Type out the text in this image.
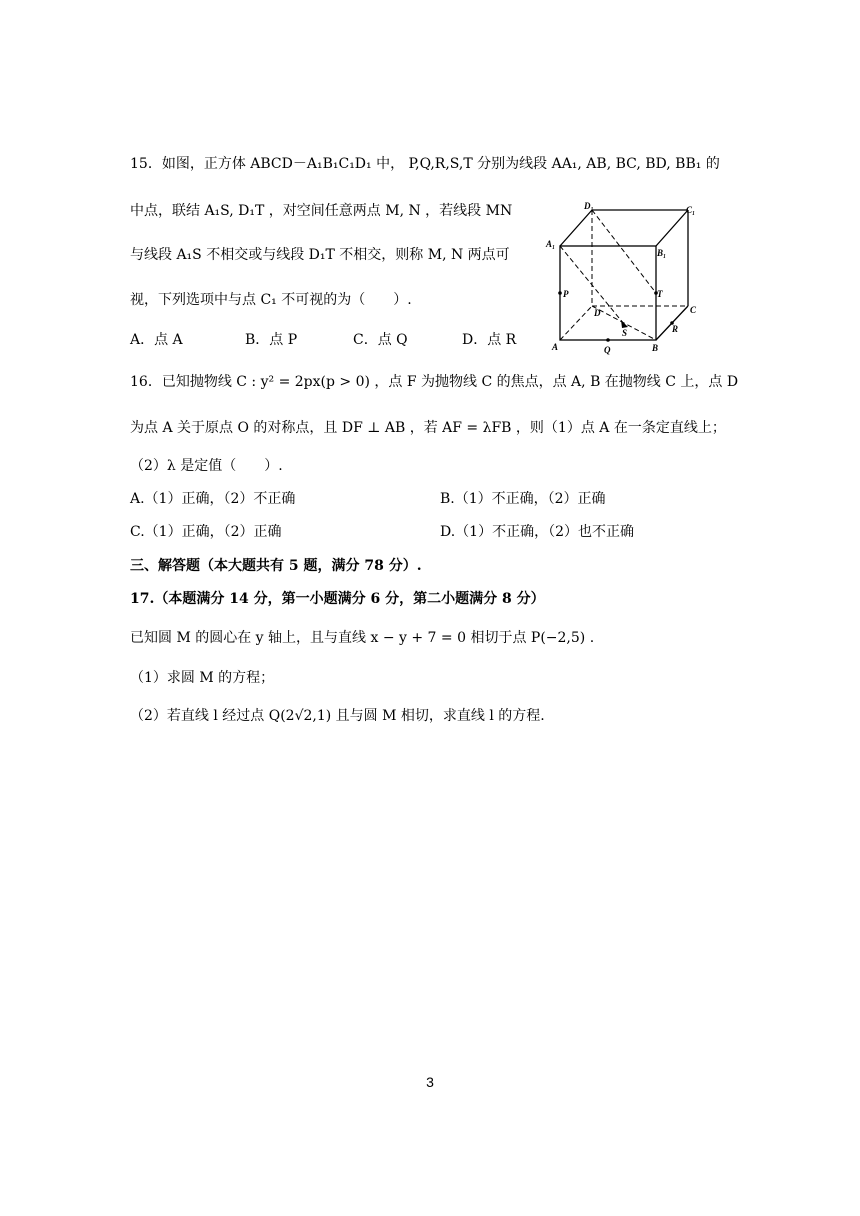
15．如图，正方体 ABCD－A₁B₁C₁D₁ 中， P,Q,R,S,T 分别为线段 AA₁, AB, BC, BD, BB₁ 的
中点，联结 A₁S, D₁T ，对空间任意两点 M, N ，若线段 MN
与线段 A₁S 不相交或与线段 D₁T 不相交，则称 M, N 两点可
视，下列选项中与点 C₁ 不可视的为（　　）.
A．点 A	B．点 P	C．点 Q	D．点 R
D₁	C₁
A₁
B₁
P
D
T
C
S	R
A	Q	B
16．已知抛物线 C : y² = 2px(p > 0) ，点 F 为抛物线 C 的焦点，点 A, B 在抛物线 C 上，点 D
为点 A 关于原点 O 的对称点，且 DF ⊥ AB ，若 AF = λFB ，则（1）点 A 在一条定直线上；
（2）λ 是定值（　　）.
A.（1）正确，（2）不正确	B.（1）不正确，（2）正确
C.（1）正确，（2）正确	D.（1）不正确，（2）也不正确
三、解答题（本大题共有 5 题，满分 78 分）.
17.（本题满分 14 分，第一小题满分 6 分，第二小题满分 8 分）
已知圆 M 的圆心在 y 轴上，且与直线 x − y + 7 = 0 相切于点 P(−2,5) .
（1）求圆 M 的方程；
（2）若直线 l 经过点 Q(2√2,1) 且与圆 M 相切，求直线 l 的方程.
3
